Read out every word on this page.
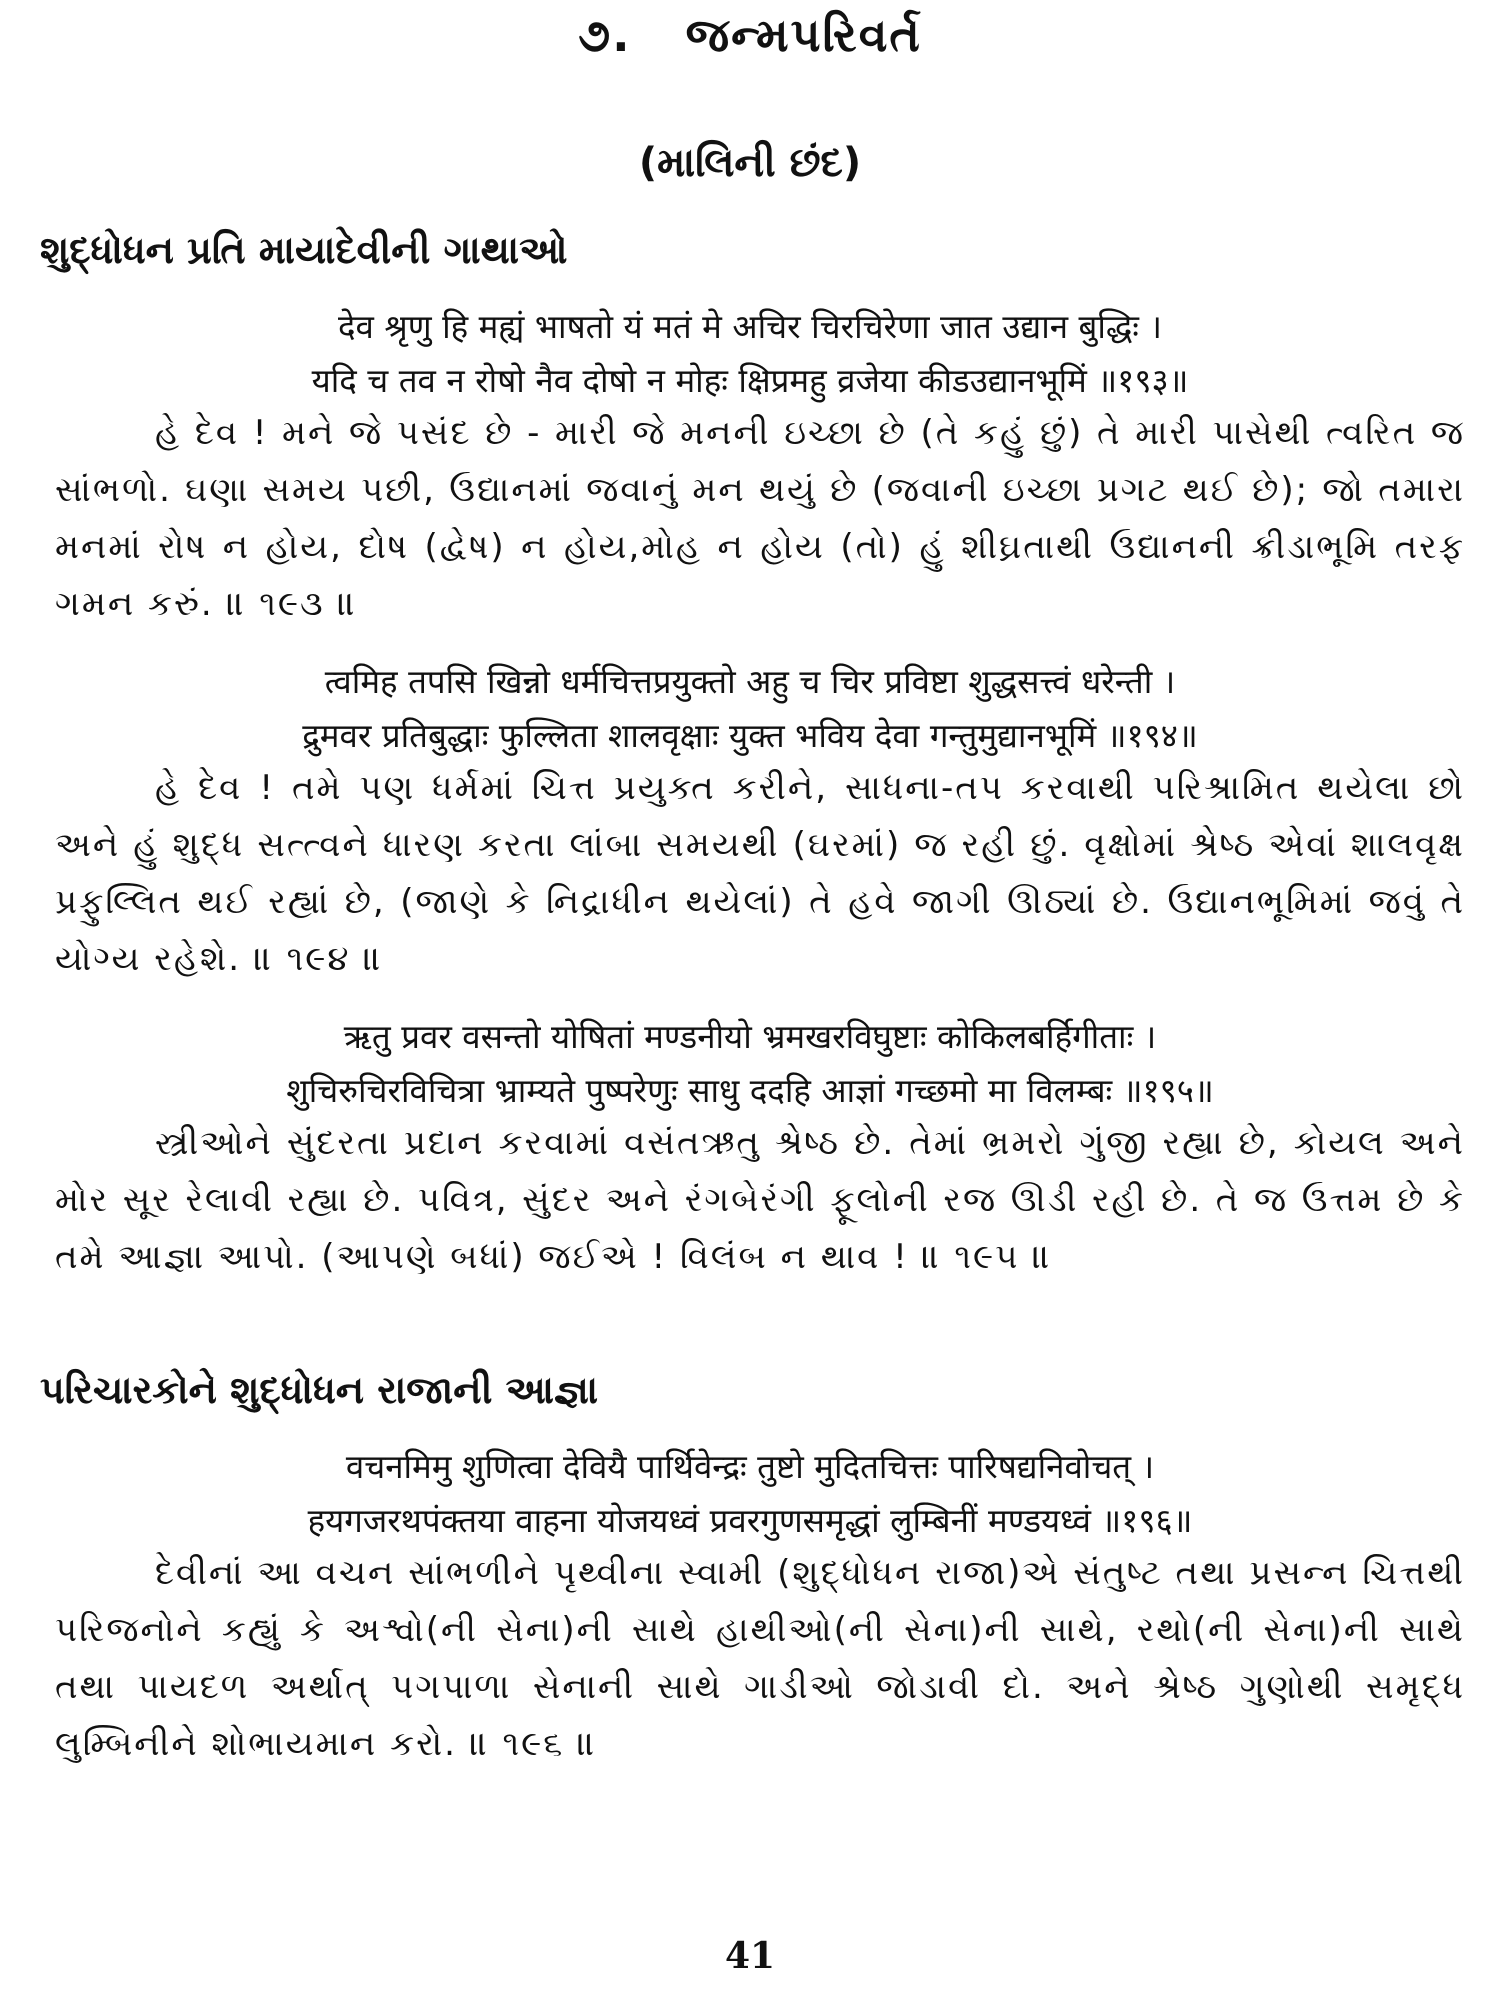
૭. જન્મપરિવર્ત
(માલિની છંદ)
શુદ્ધોધન પ્રતિ માયાદેવીની ગાથાઓ
देव श्रृणु हि मह्यं भाषतो यं मतं मे अचिर चिरचिरेणा जात उद्यान बुद्धिः ।
यदि च तव न रोषो नैव दोषो न मोहः क्षिप्रमहु व्रजेया कीडउद्यानभूमिं ॥१९३॥
હે દેવ ! મને જે પસંદ છે - મારી જે મનની ઇચ્છા છે (તે કહું છું) તે મારી પાસેથી ત્વરિત જ સાંભળો. ઘણા સમય પછી, ઉદ્યાનમાં જવાનું મન થયું છે (જવાની ઇચ્છા પ્રગટ થઈ છે); જો તમારા મનમાં રોષ ન હોય, દોષ (દ્વેષ) ન હોય,મોહ ન હોય (તો) હું શીઘ્રતાથી ઉદ્યાનની ક્રીડાભૂમિ તરફ ગમન કરું. ॥ ૧૯૩ ॥
त्वमिह तपसि खिन्नो धर्मचित्तप्रयुक्तो अहु च चिर प्रविष्टा शुद्धसत्त्वं धरेन्ती ।
द्रुमवर प्रतिबुद्धाः फुल्लिता शालवृक्षाः युक्त भविय देवा गन्तुमुद्यानभूमिं ॥१९४॥
હે દેવ ! તમે પણ ધર્મમાં ચિત્ત પ્રયુક્ત કરીને, સાધના-તપ કરવાથી પરિશ્રામિત થયેલા છો અને હું શુદ્ધ સત્ત્વને ધારણ કરતા લાંબા સમયથી (ઘરમાં) જ રહી છું. વૃક્ષોમાં શ્રેષ્ઠ એવાં શાલવૃક્ષ પ્રફુલ્લિત થઈ રહ્યાં છે, (જાણે કે નિદ્રાધીન થયેલાં) તે હવે જાગી ઊઠ્યાં છે. ઉદ્યાનભૂમિમાં જવું તે યોગ્ય રહેશે. ॥ ૧૯૪ ॥
ऋतु प्रवर वसन्तो योषितां मण्डनीयो भ्रमखरविघुष्टाः कोकिलबर्हिगीताः ।
शुचिरुचिरविचित्रा भ्राम्यते पुष्परेणुः साधु ददहि आज्ञां गच्छमो मा विलम्बः ॥१९५॥
સ્ત્રીઓને સુંદરતા પ્રદાન કરવામાં વસંતઋતુ શ્રેષ્ઠ છે. તેમાં ભ્રમરો ગુંજી રહ્યા છે, કોયલ અને મોર સૂર રેલાવી રહ્યા છે. પવિત્ર, સુંદર અને રંગબેરંગી ફૂલોની રજ ઊડી રહી છે. તે જ ઉત્તમ છે કે તમે આજ્ઞા આપો. (આપણે બધાં) જઈએ ! વિલંબ ન થાવ ! ॥ ૧૯૫ ॥
પરિચારકોને શુદ્ધોધન રાજાની આજ્ઞા
वचनमिमु शुणित्वा देवियै पार्थिवेन्द्रः तुष्टो मुदितचित्तः पारिषद्यनिवोचत् ।
हयगजरथपंक्तया वाहना योजयध्वं प्रवरगुणसमृद्धां लुम्बिनीं मण्डयध्वं ॥१९६॥
દેવીનાં આ વચન સાંભળીને પૃથ્વીના સ્વામી (શુદ્ધોધન રાજા)એ સંતુષ્ટ તથા પ્રસન્ન ચિત્તથી પરિજનોને કહ્યું કે અશ્વો(ની સેના)ની સાથે હાથીઓ(ની સેના)ની સાથે, રથો(ની સેના)ની સાથે તથા પાયદળ અર્થાત્ પગપાળા સેનાની સાથે ગાડીઓ જોડાવી દો. અને શ્રેષ્ઠ ગુણોથી સમૃદ્ધ લુમ્બિનીને શોભાયમાન કરો. ॥ ૧૯૬ ॥
41
